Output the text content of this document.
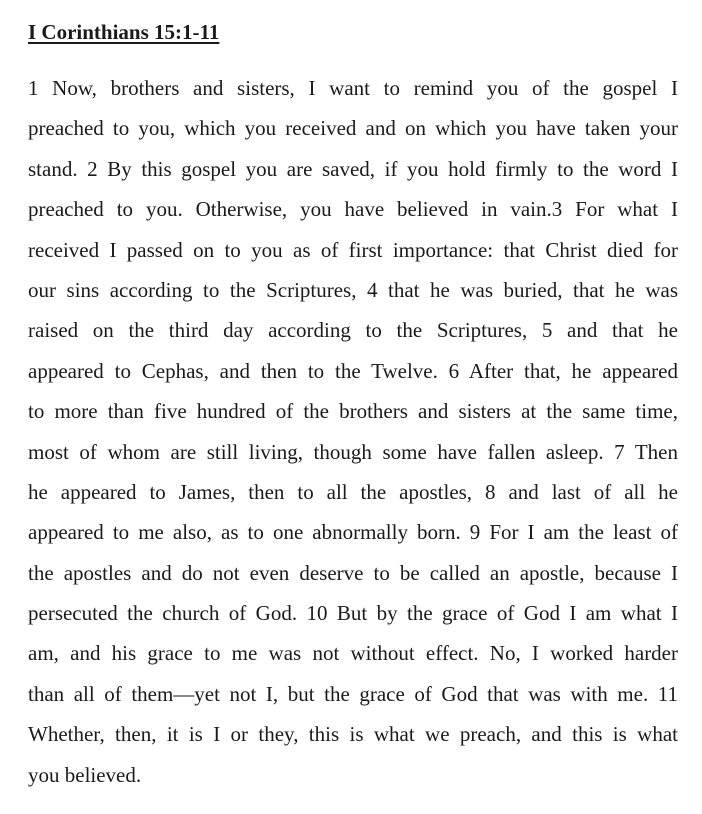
I Corinthians 15:1-11
1 Now, brothers and sisters, I want to remind you of the gospel I
preached to you, which you received and on which you have taken your
stand. 2 By this gospel you are saved, if you hold firmly to the word I
preached to you. Otherwise, you have believed in vain.3 For what I
received I passed on to you as of first importance: that Christ died for
our sins according to the Scriptures, 4 that he was buried, that he was
raised on the third day according to the Scriptures, 5 and that he
appeared to Cephas, and then to the Twelve. 6 After that, he appeared
to more than five hundred of the brothers and sisters at the same time,
most of whom are still living, though some have fallen asleep. 7 Then
he appeared to James, then to all the apostles, 8 and last of all he
appeared to me also, as to one abnormally born. 9 For I am the least of
the apostles and do not even deserve to be called an apostle, because I
persecuted the church of God. 10 But by the grace of God I am what I
am, and his grace to me was not without effect. No, I worked harder
than all of them—yet not I, but the grace of God that was with me. 11
Whether, then, it is I or they, this is what we preach, and this is what
you believed.
